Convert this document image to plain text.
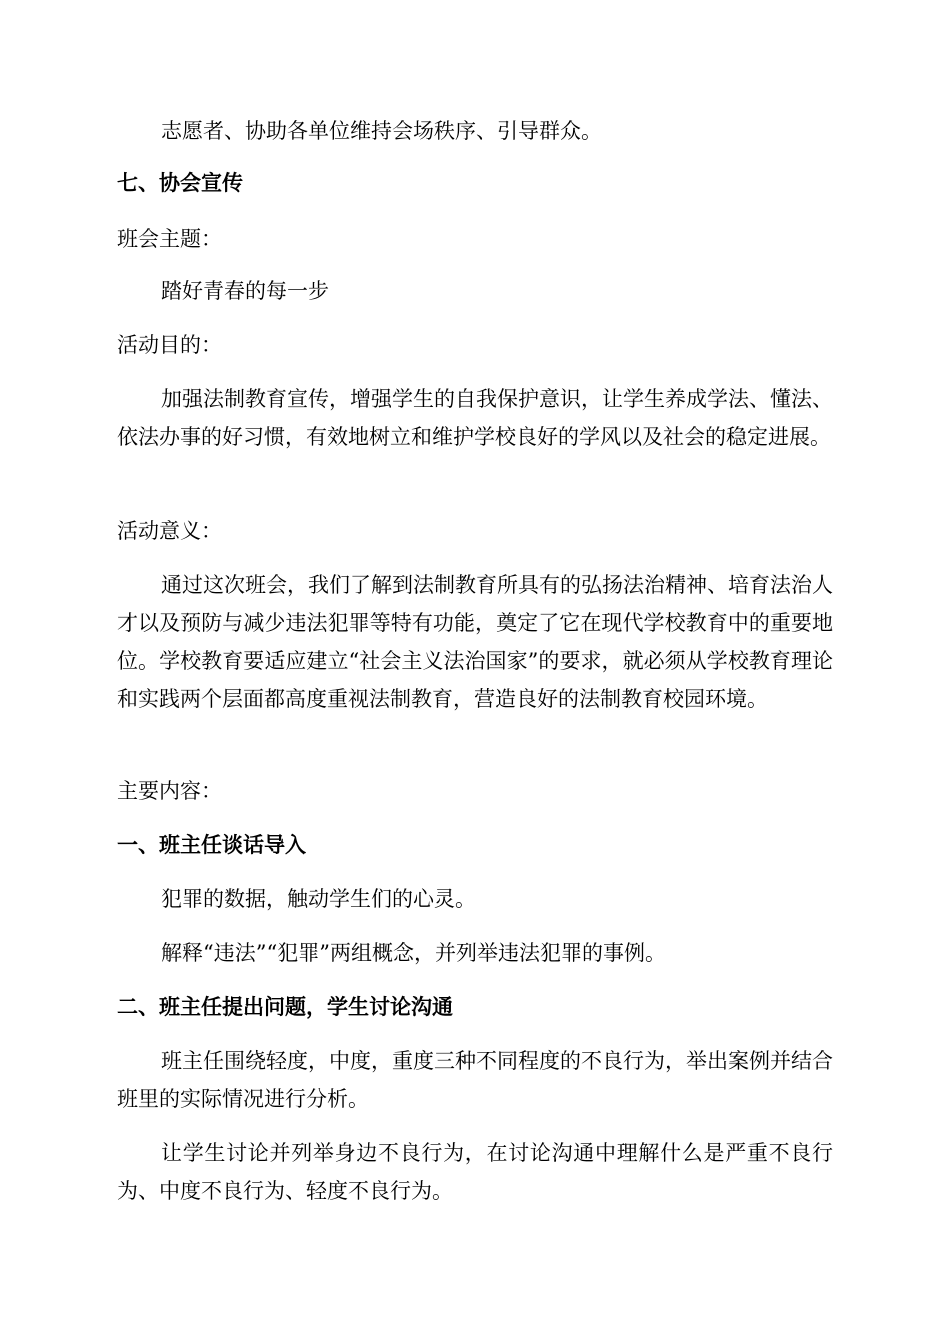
志愿者、协助各单位维持会场秩序、引导群众。

七、协会宣传

班会主题：

踏好青春的每一步

活动目的：

加强法制教育宣传，增强学生的自我保护意识，让学生养成学法、懂法、依法办事的好习惯，有效地树立和维护学校良好的学风以及社会的稳定进展。

活动意义：

通过这次班会，我们了解到法制教育所具有的弘扬法治精神、培育法治人才以及预防与减少违法犯罪等特有功能，奠定了它在现代学校教育中的重要地位。学校教育要适应建立“社会主义法治国家”的要求，就必须从学校教育理论和实践两个层面都高度重视法制教育，营造良好的法制教育校园环境。

主要内容：

一、班主任谈话导入

犯罪的数据，触动学生们的心灵。

解释“违法”“犯罪”两组概念，并列举违法犯罪的事例。

二、班主任提出问题，学生讨论沟通

班主任围绕轻度，中度，重度三种不同程度的不良行为，举出案例并结合班里的实际情况进行分析。

让学生讨论并列举身边不良行为，在讨论沟通中理解什么是严重不良行为、中度不良行为、轻度不良行为。
